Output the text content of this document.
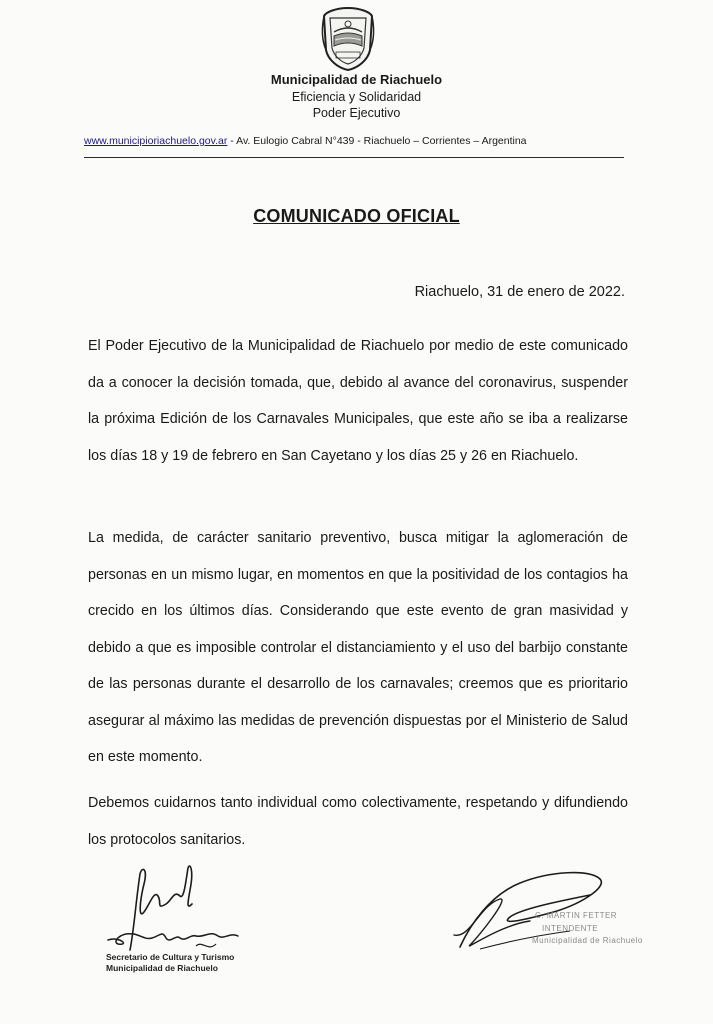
Municipalidad de Riachuelo
Eficiencia y Solidaridad
Poder Ejecutivo
www.municipioriachuelo.gov.ar - Av. Eulogio Cabral N°439 - Riachuelo – Corrientes – Argentina
COMUNICADO OFICIAL
Riachuelo, 31 de enero de 2022.
El Poder Ejecutivo de la Municipalidad de Riachuelo por medio de este comunicado da a conocer la decisión tomada, que, debido al avance del coronavirus, suspender la próxima Edición de los Carnavales Municipales, que este año se iba a realizarse los días 18 y 19 de febrero en San Cayetano y los días 25 y 26 en Riachuelo.
La medida, de carácter sanitario preventivo, busca mitigar la aglomeración de personas en un mismo lugar, en momentos en que la positividad de los contagios ha crecido en los últimos días. Considerando que este evento de gran masividad y debido a que es imposible controlar el distanciamiento y el uso del barbijo constante de las personas durante el desarrollo de los carnavales; creemos que es prioritario asegurar al máximo las medidas de prevención dispuestas por el Ministerio de Salud en este momento.
Debemos cuidarnos tanto individual como colectivamente, respetando y difundiendo los protocolos sanitarios.
Secretario de Cultura y Turismo
Municipalidad de Riachuelo
C. MARTIN FETTER
INTENDENTE
Municipalidad de Riachuelo
